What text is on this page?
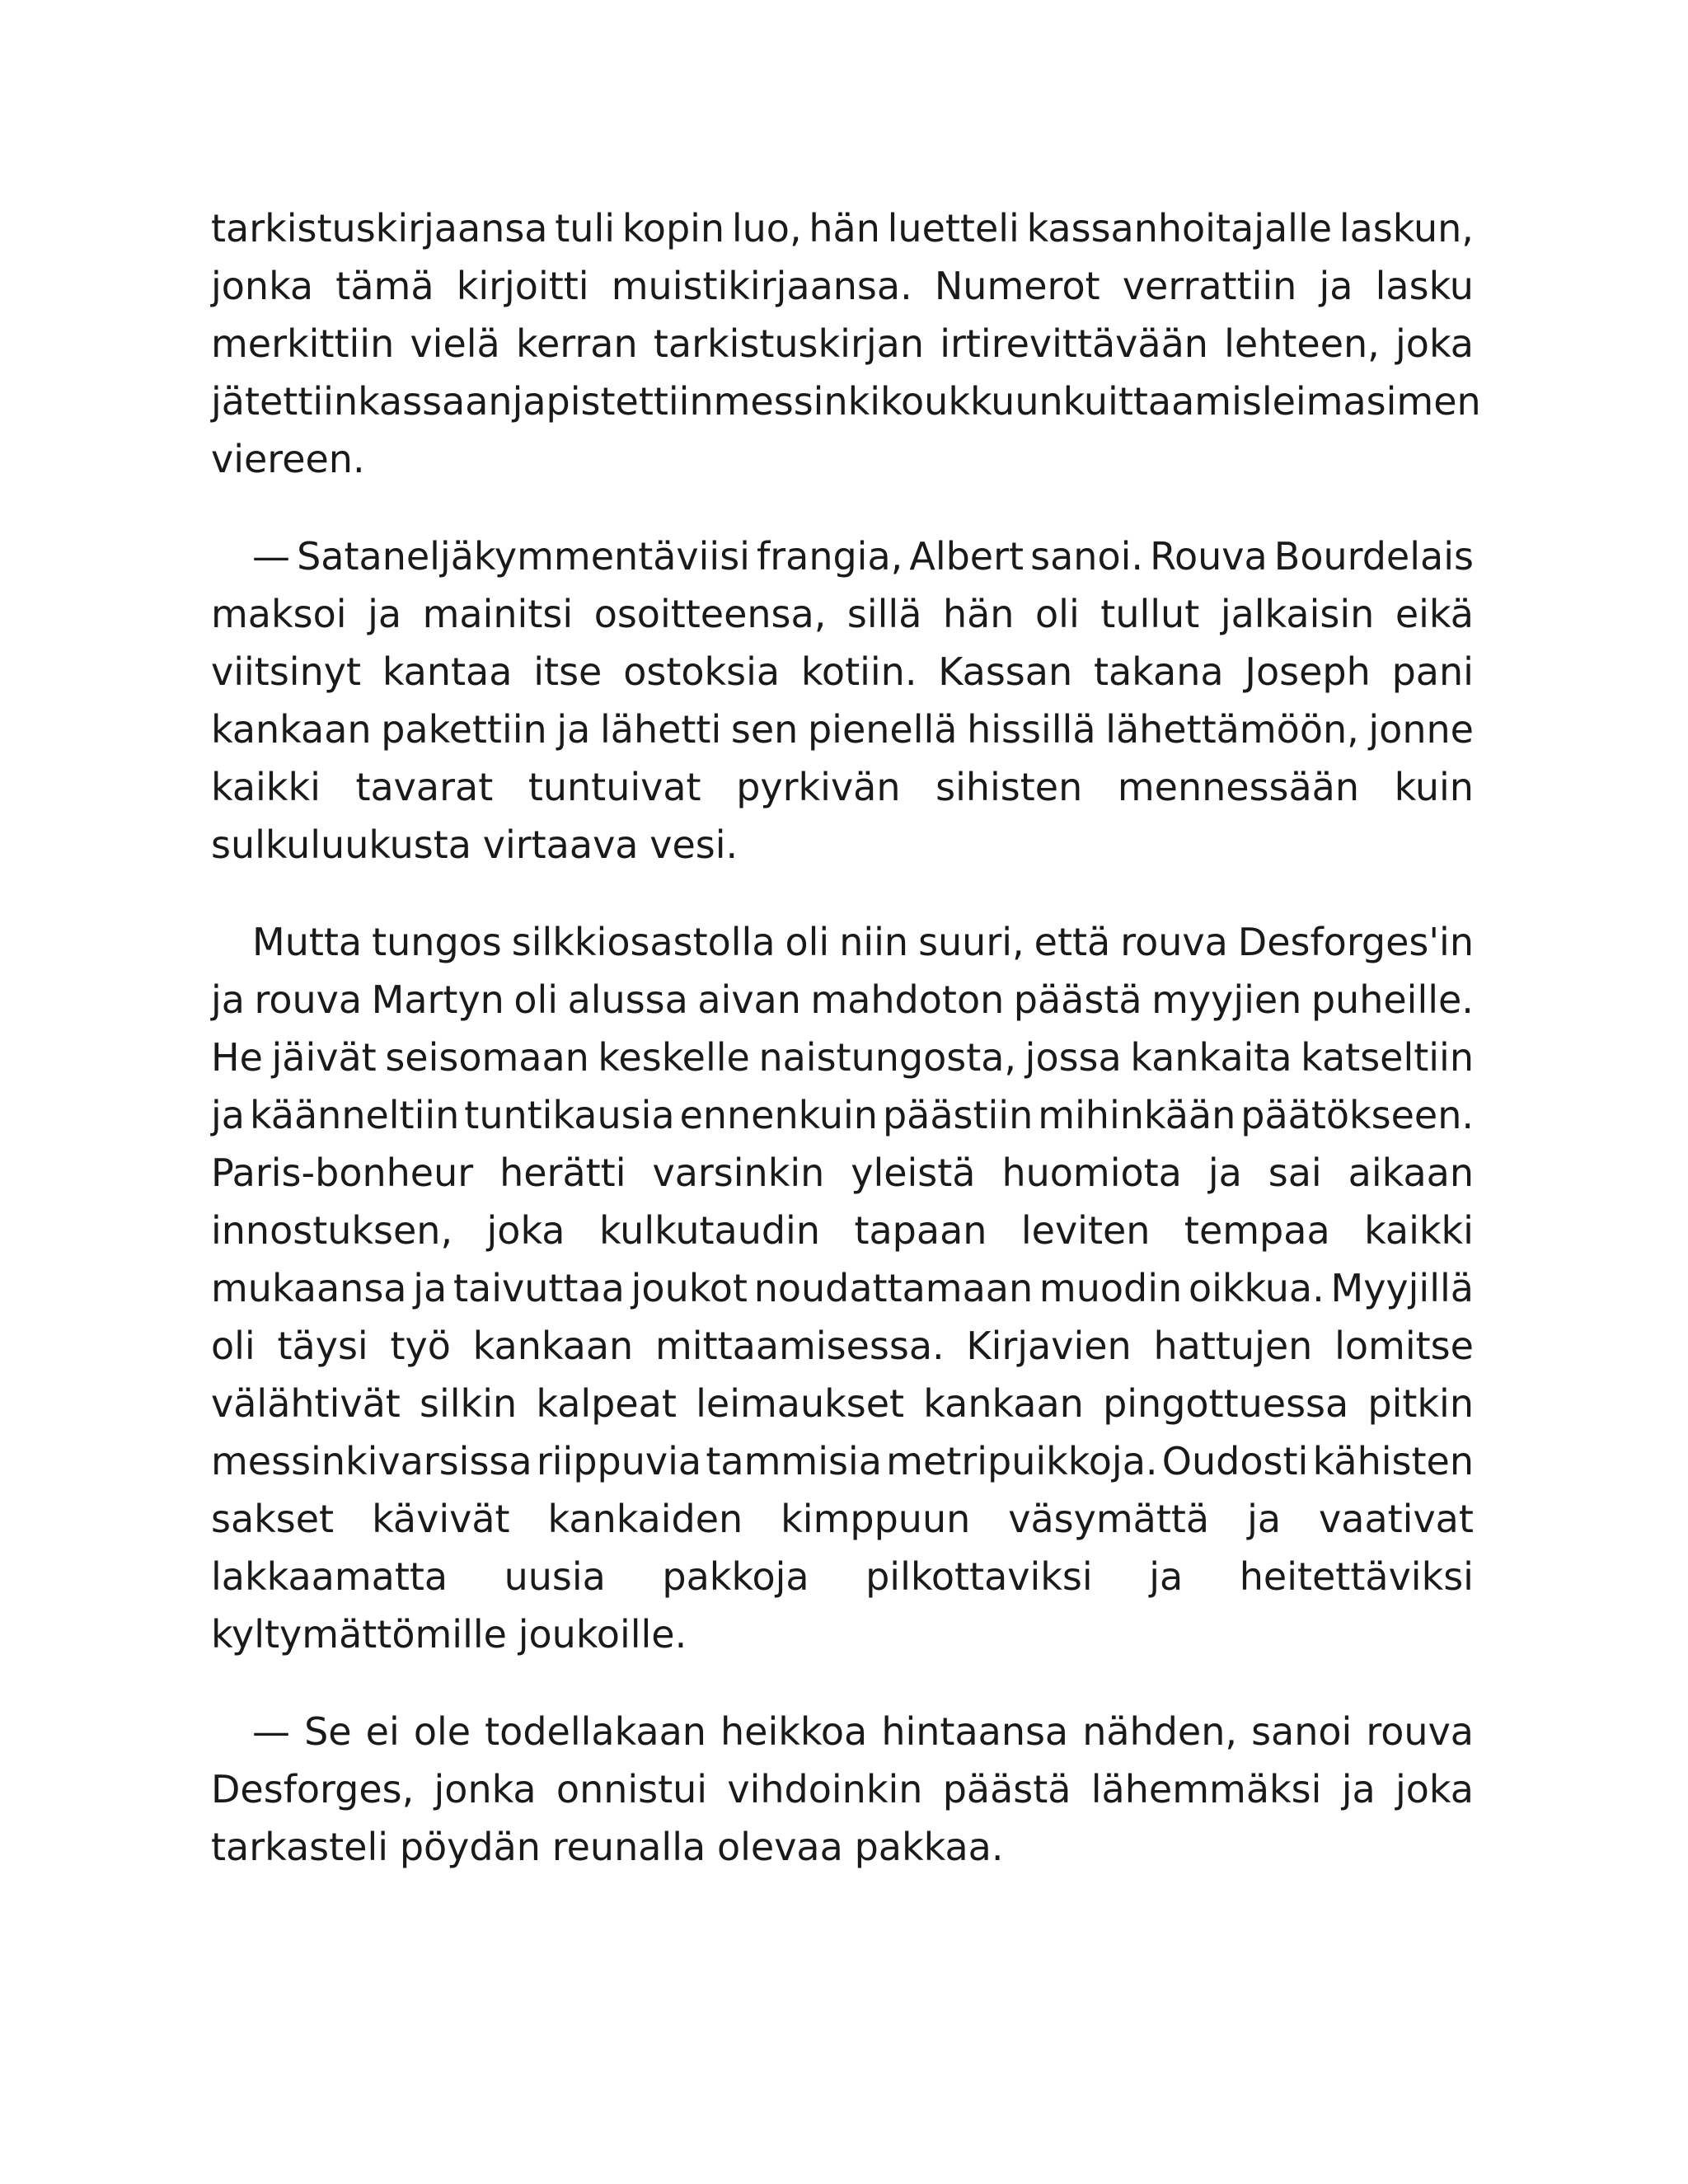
tarkistuskirjaansa tuli kopin luo, hän luetteli kassanhoitajalle laskun,
jonka tämä kirjoitti muistikirjaansa. Numerot verrattiin ja lasku
merkittiin vielä kerran tarkistuskirjan irtirevittävään lehteen, joka
jätettiin kassaan ja pistettiin messinkikoukkuun kuittaamisleimasimen
viereen.
— Sataneljäkymmentäviisi frangia, Albert sanoi. Rouva Bourdelais
maksoi ja mainitsi osoitteensa, sillä hän oli tullut jalkaisin eikä
viitsinyt kantaa itse ostoksia kotiin. Kassan takana Joseph pani
kankaan pakettiin ja lähetti sen pienellä hissillä lähettämöön, jonne
kaikki tavarat tuntuivat pyrkivän sihisten mennessään kuin
sulkuluukusta virtaava vesi.
Mutta tungos silkkiosastolla oli niin suuri, että rouva Desforges'in
ja rouva Martyn oli alussa aivan mahdoton päästä myyjien puheille.
He jäivät seisomaan keskelle naistungosta, jossa kankaita katseltiin
ja käänneltiin tuntikausia ennenkuin päästiin mihinkään päätökseen.
Paris-bonheur herätti varsinkin yleistä huomiota ja sai aikaan
innostuksen, joka kulkutaudin tapaan leviten tempaa kaikki
mukaansa ja taivuttaa joukot noudattamaan muodin oikkua. Myyjillä
oli täysi työ kankaan mittaamisessa. Kirjavien hattujen lomitse
välähtivät silkin kalpeat leimaukset kankaan pingottuessa pitkin
messinkivarsissa riippuvia tammisia metripuikkoja. Oudosti kähisten
sakset kävivät kankaiden kimppuun väsymättä ja vaativat
lakkaamatta uusia pakkoja pilkottaviksi ja heitettäviksi
kyltymättömille joukoille.
— Se ei ole todellakaan heikkoa hintaansa nähden, sanoi rouva
Desforges, jonka onnistui vihdoinkin päästä lähemmäksi ja joka
tarkasteli pöydän reunalla olevaa pakkaa.
